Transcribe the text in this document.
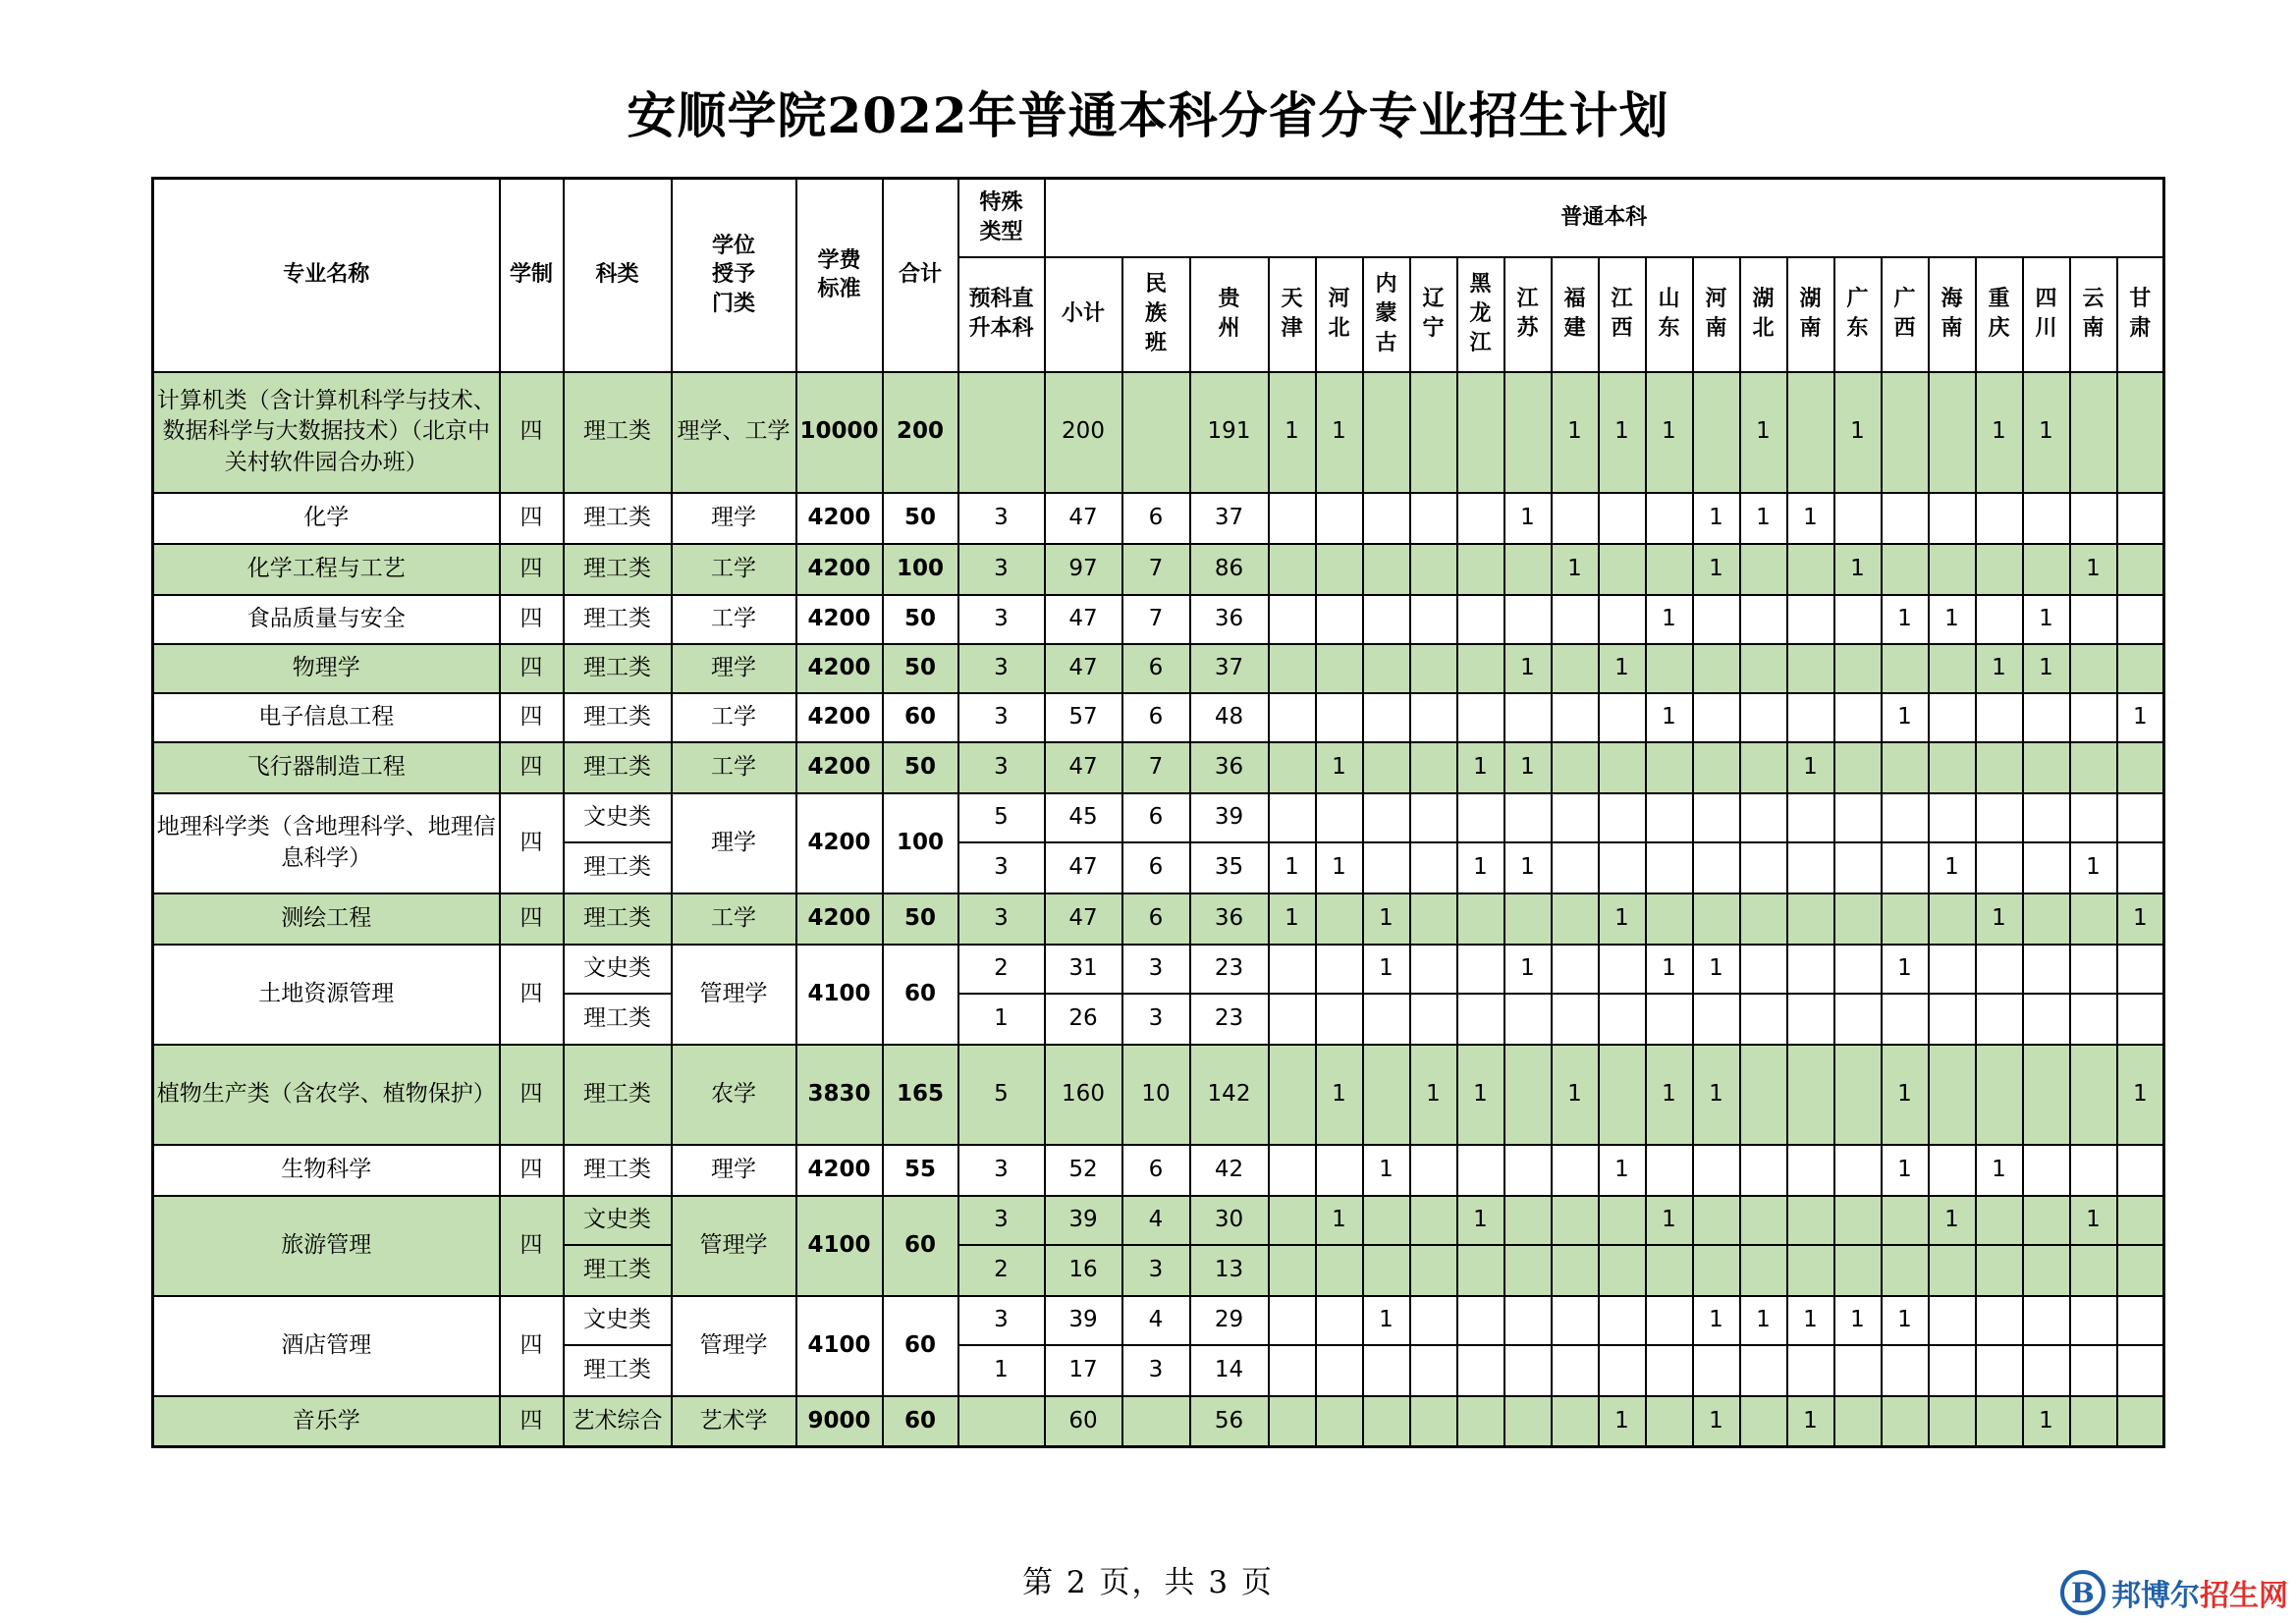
安顺学院2022年普通本科分省分专业招生计划
专业名称	学制	科类	学位授予门类	学费标准	合计	特殊类型	普通本科																					

						预科直升本科	小计	民族班	贵州	天津	河北	内蒙古	辽宁	黑龙江	江苏	福建	江西	山东	河南	湖北	湖南	广东	广西	海南	重庆	四川	云南	甘肃

计算机类（含计算机科学与技术、数据科学与大数据技术）（北京中关村软件园合办班）	四	理工类	理学、工学	10000	200		200		191	1	1					1	1	1		1		1			1	1		
化学	四	理工类	理学	4200	50	3	47	6	37						1				1	1	1							
化学工程与工艺	四	理工类	工学	4200	100	3	97	7	86							1			1			1					1	
食品质量与安全	四	理工类	工学	4200	50	3	47	7	36									1					1	1		1		
物理学	四	理工类	理学	4200	50	3	47	6	37						1		1								1	1		
电子信息工程	四	理工类	工学	4200	60	3	57	6	48									1					1					1
飞行器制造工程	四	理工类	工学	4200	50	3	47	7	36		1			1	1						1							
地理科学类（含地理科学、地理信息科学）	四	文史类	理学	4200	100	5	45	6	39																			
		理工类				3	47	6	35	1	1			1	1									1			1	
测绘工程	四	理工类	工学	4200	50	3	47	6	36	1		1					1								1			1
土地资源管理	四	文史类	管理学	4100	60	2	31	3	23			1			1			1	1				1					
		理工类				1	26	3	23																			
植物生产类（含农学、植物保护）	四	理工类	农学	3830	165	5	160	10	142		1		1	1		1		1	1				1					1
生物科学	四	理工类	理学	4200	55	3	52	6	42			1					1						1		1			
旅游管理	四	文史类	管理学	4100	60	3	39	4	30		1			1				1						1			1	
		理工类				2	16	3	13																			
酒店管理	四	文史类	管理学	4100	60	3	39	4	29			1							1	1	1	1	1					
		理工类				1	17	3	14																			
音乐学	四	艺术综合	艺术学	9000	60		60		56								1		1		1					1		
第 2 页，共 3 页	B 邦博尔招生网
